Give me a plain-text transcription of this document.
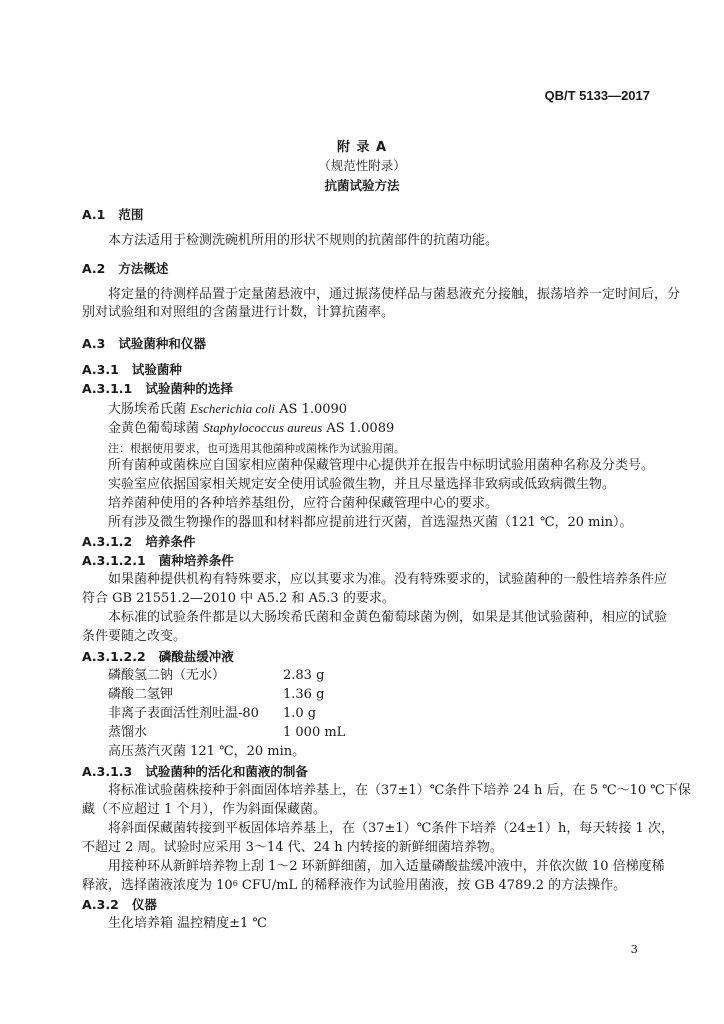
QB/T 5133—2017
附 录 A
（规范性附录）
抗菌试验方法
A.1 范围
本方法适用于检测洗碗机所用的形状不规则的抗菌部件的抗菌功能。
A.2 方法概述
将定量的待测样品置于定量菌悬液中，通过振荡使样品与菌悬液充分接触，振荡培养一定时间后，分
别对试验组和对照组的含菌量进行计数，计算抗菌率。
A.3 试验菌种和仪器
A.3.1 试验菌种
A.3.1.1 试验菌种的选择
大肠埃希氏菌 Escherichia coli AS 1.0090
金黄色葡萄球菌 Staphylococcus aureus AS 1.0089
注：根据使用要求，也可选用其他菌种或菌株作为试验用菌。
所有菌种或菌株应自国家相应菌种保藏管理中心提供并在报告中标明试验用菌种名称及分类号。
实验室应依据国家相关规定安全使用试验微生物，并且尽量选择非致病或低致病微生物。
培养菌种使用的各种培养基组份，应符合菌种保藏管理中心的要求。
所有涉及微生物操作的器皿和材料都应提前进行灭菌，首选湿热灭菌（121 ℃，20 min）。
A.3.1.2 培养条件
A.3.1.2.1 菌种培养条件
如果菌种提供机构有特殊要求，应以其要求为准。没有特殊要求的，试验菌种的一般性培养条件应
符合 GB 21551.2—2010 中 A5.2 和 A5.3 的要求。
本标准的试验条件都是以大肠埃希氏菌和金黄色葡萄球菌为例，如果是其他试验菌种，相应的试验
条件要随之改变。
A.3.1.2.2 磷酸盐缓冲液
磷酸氢二钠（无水）	2.83 g
磷酸二氢钾	1.36 g
非离子表面活性剂吐温-80 1.0 g
蒸馏水	1 000 mL
高压蒸汽灭菌 121 ℃，20 min。
A.3.1.3 试验菌种的活化和菌液的制备
将标准试验菌株接种于斜面固体培养基上，在（37±1）℃条件下培养 24 h 后，在 5 ℃～10 ℃下保
藏（不应超过 1 个月），作为斜面保藏菌。
将斜面保藏菌转接到平板固体培养基上，在（37±1）℃条件下培养（24±1）h，每天转接 1 次，
不超过 2 周。试验时应采用 3～14 代、24 h 内转接的新鲜细菌培养物。
用接种环从新鲜培养物上刮 1～2 环新鲜细菌，加入适量磷酸盐缓冲液中，并依次做 10 倍梯度稀
释液，选择菌液浓度为 $10^6$ CFU/mL 的稀释液作为试验用菌液，按 GB 4789.2 的方法操作。
A.3.2 仪器
生化培养箱 温控精度±1 ℃
3
